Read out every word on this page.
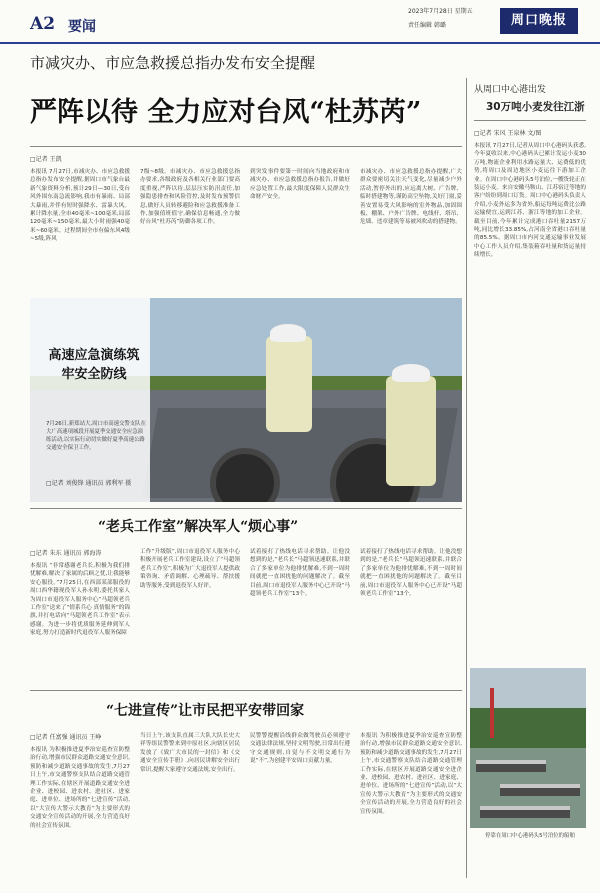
A2 要闻
2023年7月28日 星期五
责任编辑 韩璐	周口晚报
市减灾办、市应急救援总指办发布安全提醒
严阵以待 全力应对台风“杜苏芮”
□记者 王凯
本报讯 7月27日,市减灾办、市应急救援总指办发布安全提醒,据周口市气象台最新气象资料分析,预计29日—30日,受台风外围东南急流影响,我市有暴雨、局部大暴雨,并伴有短时强降水、雷暴大风。累计降水量,全市40毫米~100毫米,局部120毫米~150毫米,最大小时雨强40毫米~60毫米。过程期间全市有偏东风4级~5级,阵风
7级~8级。市减灾办、市应急救援总指办要求,各级政府及各相关行业部门要高度重视,严阵以待,层层压实防汛责任,加强隐患排查和风险管控,及时发布预警信息,做好人员转移避险和应急救援准备工作,加强值班值守,确保信息畅通,全力做好台风“杜苏芮”防御各项工作。
到突发事件要第一时间向当地政府和市减灾办、市应急救援总指办报告,并做好应急处置工作,最大限度保障人民群众生命财产安全。
市减灾办、市应急救援总指办提醒,广大群众要密切关注天气变化,尽量减少户外活动,暂停外出的,应远离大树、广告牌、临时搭建物等,谨防高空坠物,关好门窗,妥善安置易受大风影响的室外物品,加固围板、棚架、户外广告牌、电线杆、塔吊、危墙、违章建筑等易被风吹动的搭建物。
高速应急演练筑牢安全防线
7月26日,新郑站大,周口市高速交警支队在大广高速项城段开展夏季交通安全应急演练活动,以实际行动切实做好夏季高速公路交通安全保卫工作。
□记者 刘俊锋 通讯员 郭利军 摄
从周口中心港出发
30万吨小麦发往江浙
□记者 宋风 王泉林 文/图
本报讯 7月27日,记者从周口中心港码头获悉,今年夏收以来,中心港码头已累计发运小麦30万吨,物流企业利用水路运量大、运费低的优势,将周口及周边地区小麦运往下游加工企业。在周口中心港码头5号泊位,一艘货轮正在装运小麦。来自安徽马鞍山、江苏宿迁等地的客户纷纷到周口订货。周口中心港码头负责人介绍,小麦外运多为省外,船运每吨运费比公路运输便宜,运到江苏、浙江等地的加工企业。截至目前,今年累计完成港口吞吐量2157万吨,同比增长33.85%,占河南全省港口吞吐量的85.5%。据周口市内河交通运输事业发展中心工作人员介绍,集装箱吞吐量和货运量持续增长。
停靠在周口中心港码头5号泊位的船舶
“老兵工作室”解决军人“烦心事”
□记者 朱东 通讯员 郭海涛
本报讯 “非常感谢老兵长,积极为我们排忧解难,解决了家属的后顾之忧,让我能够安心服役。”7月25日,在西部某部服役的周口西华籍现役军人孙永明,委托其家人为周口市退役军人服务中心“马超领老兵工作室”送来了“情系兵心 真情服务”的锦旗,并打电话向“马超领老兵工作室”表示感谢。为进一步将优质服务延伸到军人家庭,努力打造新时代退役军人服务保障
工作“升级版”,周口市退役军人服务中心积极开展老兵工作室建设,设立了“马超领老兵工作室”,积极为广大退役军人提供政策咨询、矛盾调解、心理疏导、帮扶援助等服务,受到退役军人好评。
试着接打了热线电话寻求帮助。让他没想到的是,“老兵长”马超领迅速联系,并联合了多家单位为他排忧解难,不到一周时间就把一直困扰他的问题解决了。截至目前,周口市退役军人服务中心已开设“马超领老兵工作室”13个。
试着接打了热线电话寻求帮助。让他没想到的是,“老兵长”马超领迅速联系,并联合了多家单位为他排忧解难,不到一周时间就把一直困扰他的问题解决了。截至目前,周口市退役军人服务中心已开设“马超领老兵工作室”13个。
“七进宣传”让市民把平安带回家
□记者 任富强 通讯员 王峥
本报讯 为积极推进夏季治安巡查宣防整治行动,增强市民群众道路交通安全意识,预防和减少道路交通事故的发生,7月27日上午,市交通警察支队结合道路交通管理工作实际,在辖区开展道路交通安全进企业、进校园、进农村、进社区、进家庭、进单位、进场所的“七进宣传”活动,以“大宣传大警示大教育”为主要形式的交通安全宣传活动的开展,全力营造良好的社会宣传氛围。
当日上午,该支队直属三大队大队长史大祥等组民警警来到中原社区,向辖区居民发放了《致广大市民的一封信》和《交通安全宣传手册》,向居民讲解安全出行常识,提醒大家遵守交通法规,安全出行。
民警警提醒沿线群众做驾驶员必须遵守交通法律法规,坚持文明驾驶,日常出行遵守交通规则,自觉与不文明交通行为说“不”,为创建平安周口贡献力量。
本报讯 为积极推进夏季治安巡查宣防整治行动,增强市民群众道路交通安全意识,预防和减少道路交通事故的发生,7月27日上午,市交通警察支队结合道路交通管理工作实际,在辖区开展道路交通安全进企业、进校园、进农村、进社区、进家庭、进单位、进场所的“七进宣传”活动,以“大宣传大警示大教育”为主要形式的交通安全宣传活动的开展,全力营造良好的社会宣传氛围。
